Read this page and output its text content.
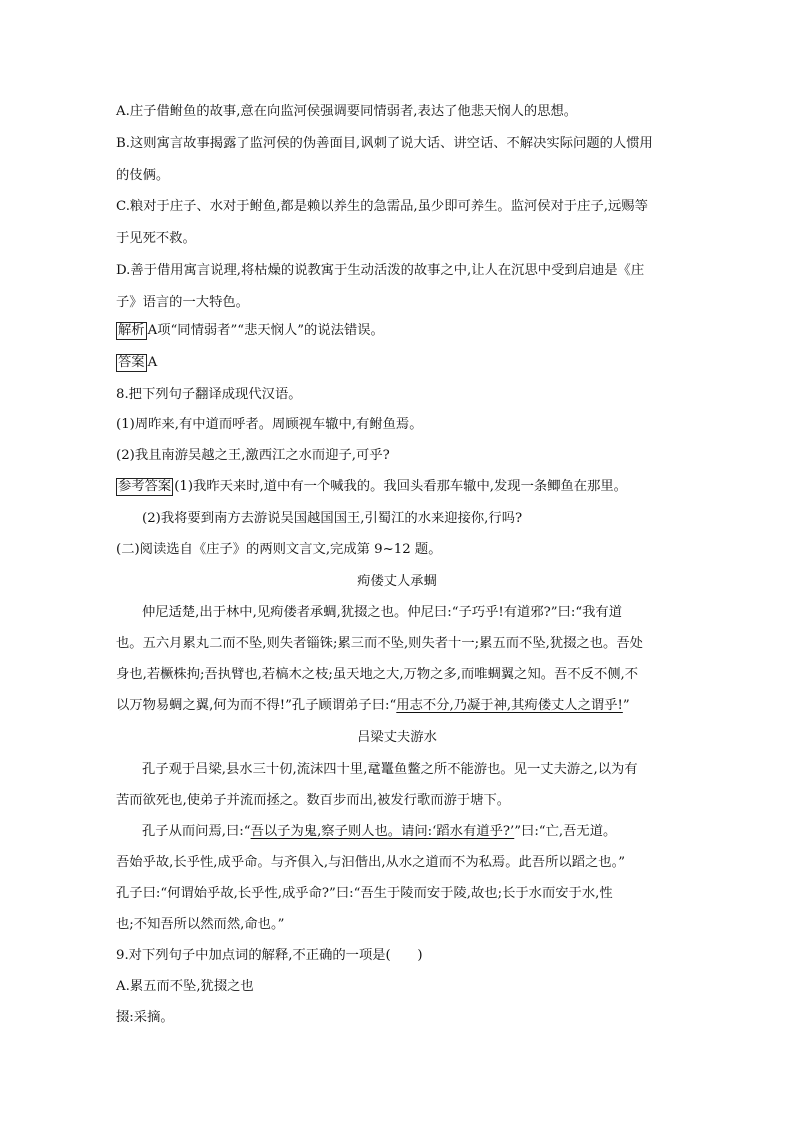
A.庄子借鲋鱼的故事,意在向监河侯强调要同情弱者,表达了他悲天悯人的思想。
B.这则寓言故事揭露了监河侯的伪善面目,讽刺了说大话、讲空话、不解决实际问题的人惯用
的伎俩。
C.粮对于庄子、水对于鲋鱼,都是赖以养生的急需品,虽少即可养生。监河侯对于庄子,远赐等
于见死不救。
D.善于借用寓言说理,将枯燥的说教寓于生动活泼的故事之中,让人在沉思中受到启迪是《庄
子》语言的一大特色。
解析 A项“同情弱者”“悲天悯人”的说法错误。
答案 A
8.把下列句子翻译成现代汉语。
(1)周昨来,有中道而呼者。周顾视车辙中,有鲋鱼焉。
(2)我且南游吴越之王,激西江之水而迎子,可乎?
参考答案 (1)我昨天来时,道中有一个喊我的。我回头看那车辙中,发现一条鲫鱼在那里。
(2)我将要到南方去游说吴国越国国王,引蜀江的水来迎接你,行吗?
(二)阅读选自《庄子》的两则文言文,完成第 9~12 题。
痀偻丈人承蜩
仲尼适楚,出于林中,见痀偻者承蜩,犹掇之也。仲尼曰:“子巧乎!有道邪?”曰:“我有道
也。五六月累丸二而不坠,则失者锱铢;累三而不坠,则失者十一;累五而不坠,犹掇之也。吾处
身也,若橛株拘;吾执臂也,若槁木之枝;虽天地之大,万物之多,而唯蜩翼之知。吾不反不侧,不
以万物易蜩之翼,何为而不得!”孔子顾谓弟子曰:“用志不分,乃凝于神,其痀偻丈人之谓乎!”
吕梁丈夫游水
孔子观于吕梁,县水三十仞,流沫四十里,鼋鼍鱼鳖之所不能游也。见一丈夫游之,以为有
苦而欲死也,使弟子并流而拯之。数百步而出,被发行歌而游于塘下。
孔子从而问焉,曰:“吾以子为鬼,察子则人也。请问:‘蹈水有道乎?’”曰:“亡,吾无道。
吾始乎故,长乎性,成乎命。与齐俱入,与汩偕出,从水之道而不为私焉。此吾所以蹈之也。”
孔子曰:“何谓始乎故,长乎性,成乎命?”曰:“吾生于陵而安于陵,故也;长于水而安于水,性
也;不知吾所以然而然,命也。”
9.对下列句子中加点词的解释,不正确的一项是(　　)
A.累五而不坠,犹掇之也
掇:采摘。
